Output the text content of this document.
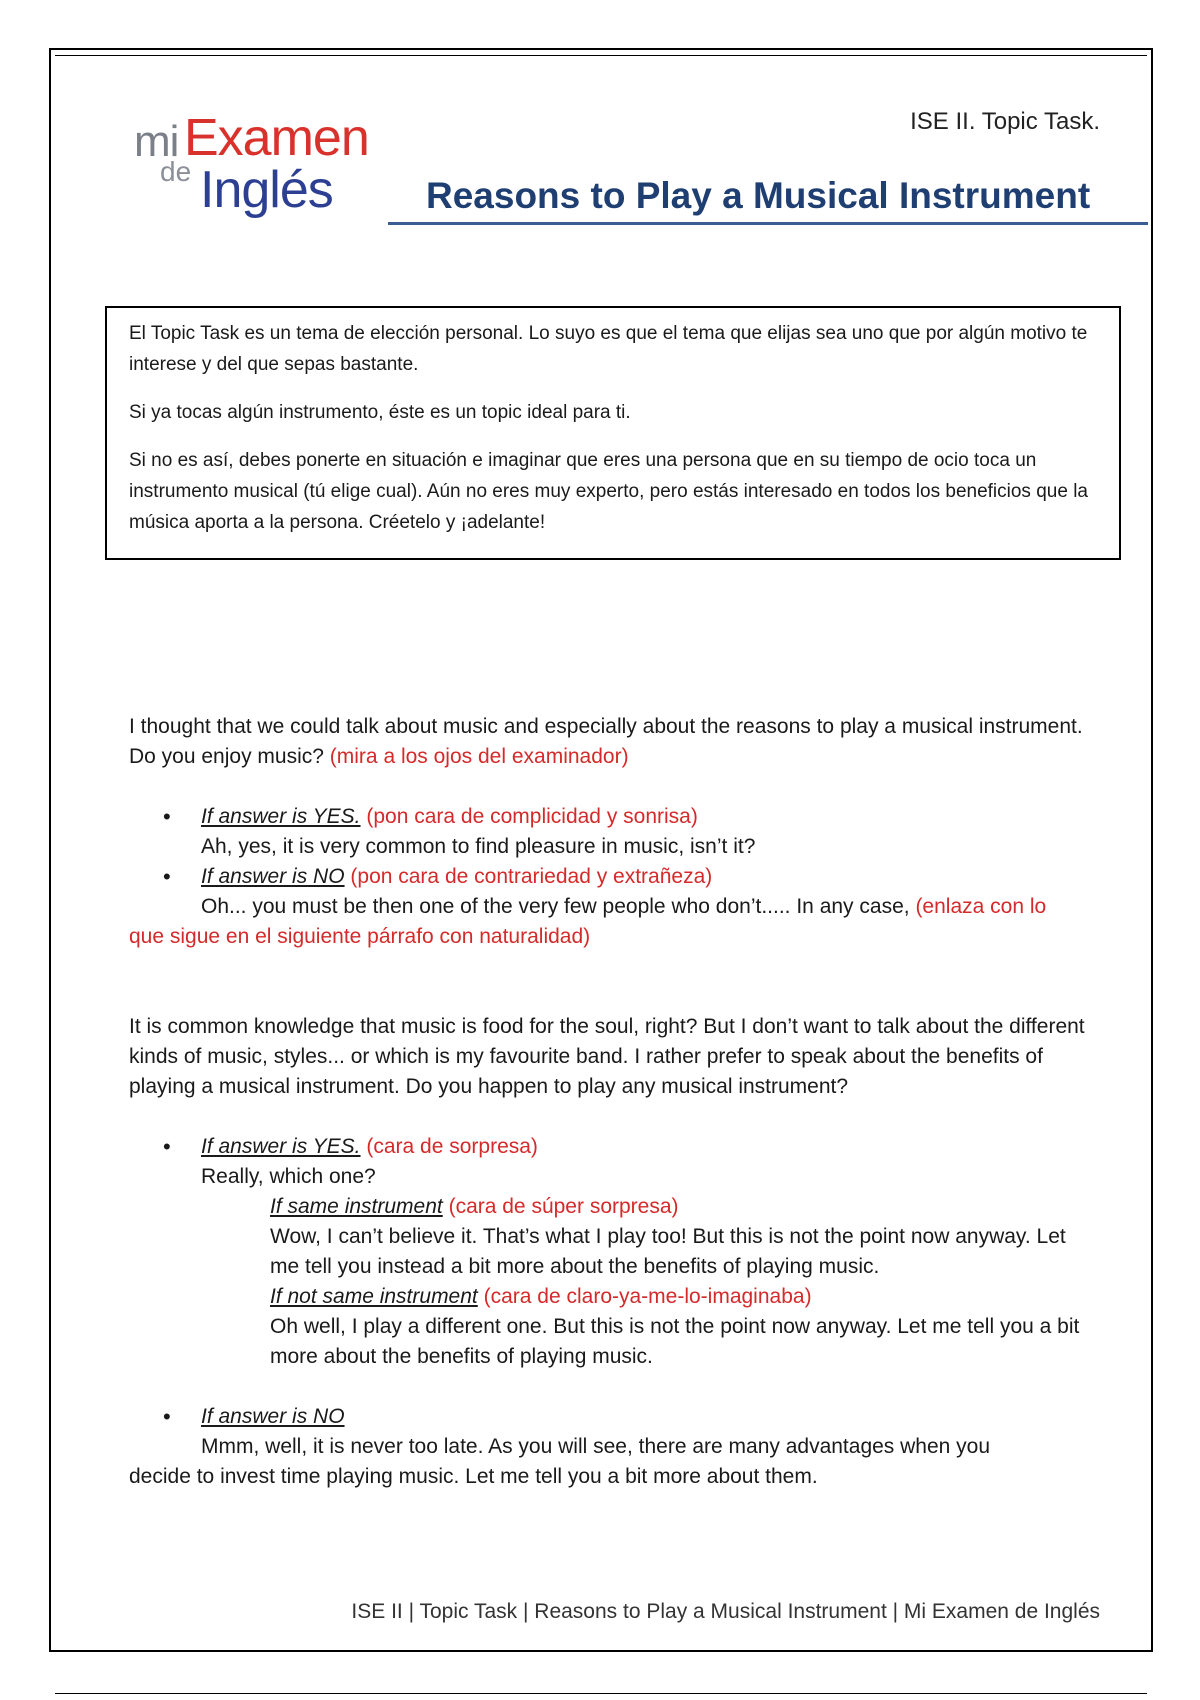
mi Examen
de Inglés
ISE II. Topic Task.
Reasons to Play a Musical Instrument

El Topic Task es un tema de elección personal. Lo suyo es que el tema que elijas sea uno que por algún motivo te interese y del que sepas bastante.

Si ya tocas algún instrumento, éste es un topic ideal para ti.

Si no es así, debes ponerte en situación e imaginar que eres una persona que en su tiempo de ocio toca un instrumento musical (tú elige cual). Aún no eres muy experto, pero estás interesado en todos los beneficios que la música aporta a la persona. Créetelo y ¡adelante!

I thought that we could talk about music and especially about the reasons to play a musical instrument. Do you enjoy music? (mira a los ojos del examinador)

• If answer is YES. (pon cara de complicidad y sonrisa)

Ah, yes, it is very common to find pleasure in music, isn’t it?

• If answer is NO (pon cara de contrariedad y extrañeza)

Oh... you must be then one of the very few people who don’t..... In any case, (enlaza con lo

que sigue en el siguiente párrafo con naturalidad)

It is common knowledge that music is food for the soul, right? But I don’t want to talk about the different kinds of music, styles... or which is my favourite band. I rather prefer to speak about the benefits of playing a musical instrument. Do you happen to play any musical instrument?

• If answer is YES. (cara de sorpresa)

Really, which one?

If same instrument (cara de súper sorpresa)

Wow, I can’t believe it. That’s what I play too! But this is not the point now anyway. Let me tell you instead a bit more about the benefits of playing music.

If not same instrument (cara de claro-ya-me-lo-imaginaba)

Oh well, I play a different one. But this is not the point now anyway. Let me tell you a bit more about the benefits of playing music.

• If answer is NO

Mmm, well, it is never too late. As you will see, there are many advantages when you

decide to invest time playing music. Let me tell you a bit more about them.

ISE II | Topic Task | Reasons to Play a Musical Instrument | Mi Examen de Inglés
